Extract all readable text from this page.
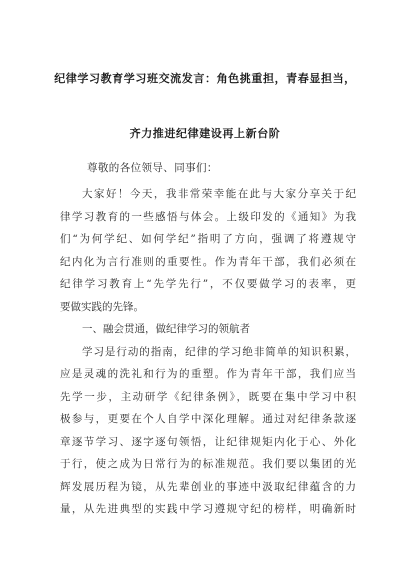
纪律学习教育学习班交流发言：角色挑重担，青春显担当，
齐力推进纪律建设再上新台阶
尊敬的各位领导、同事们：
大家好！今天，我非常荣幸能在此与大家分享关于纪
律学习教育的一些感悟与体会。上级印发的《通知》为我
们“为何学纪、如何学纪”指明了方向，强调了将遵规守
纪内化为言行准则的重要性。作为青年干部，我们必须在
纪律学习教育上“先学先行”，不仅要做学习的表率，更
要做实践的先锋。
一、融会贯通，做纪律学习的领航者
学习是行动的指南，纪律的学习绝非简单的知识积累，
应是灵魂的洗礼和行为的重塑。作为青年干部，我们应当
先学一步，主动研学《纪律条例》，既要在集中学习中积
极参与，更要在个人自学中深化理解。通过对纪律条款逐
章逐节学习、逐字逐句领悟，让纪律规矩内化于心、外化
于行，使之成为日常行为的标准规范。我们要以集团的光
辉发展历程为镜，从先辈创业的事迹中汲取纪律蕴含的力
量，从先进典型的实践中学习遵规守纪的榜样，明确新时
